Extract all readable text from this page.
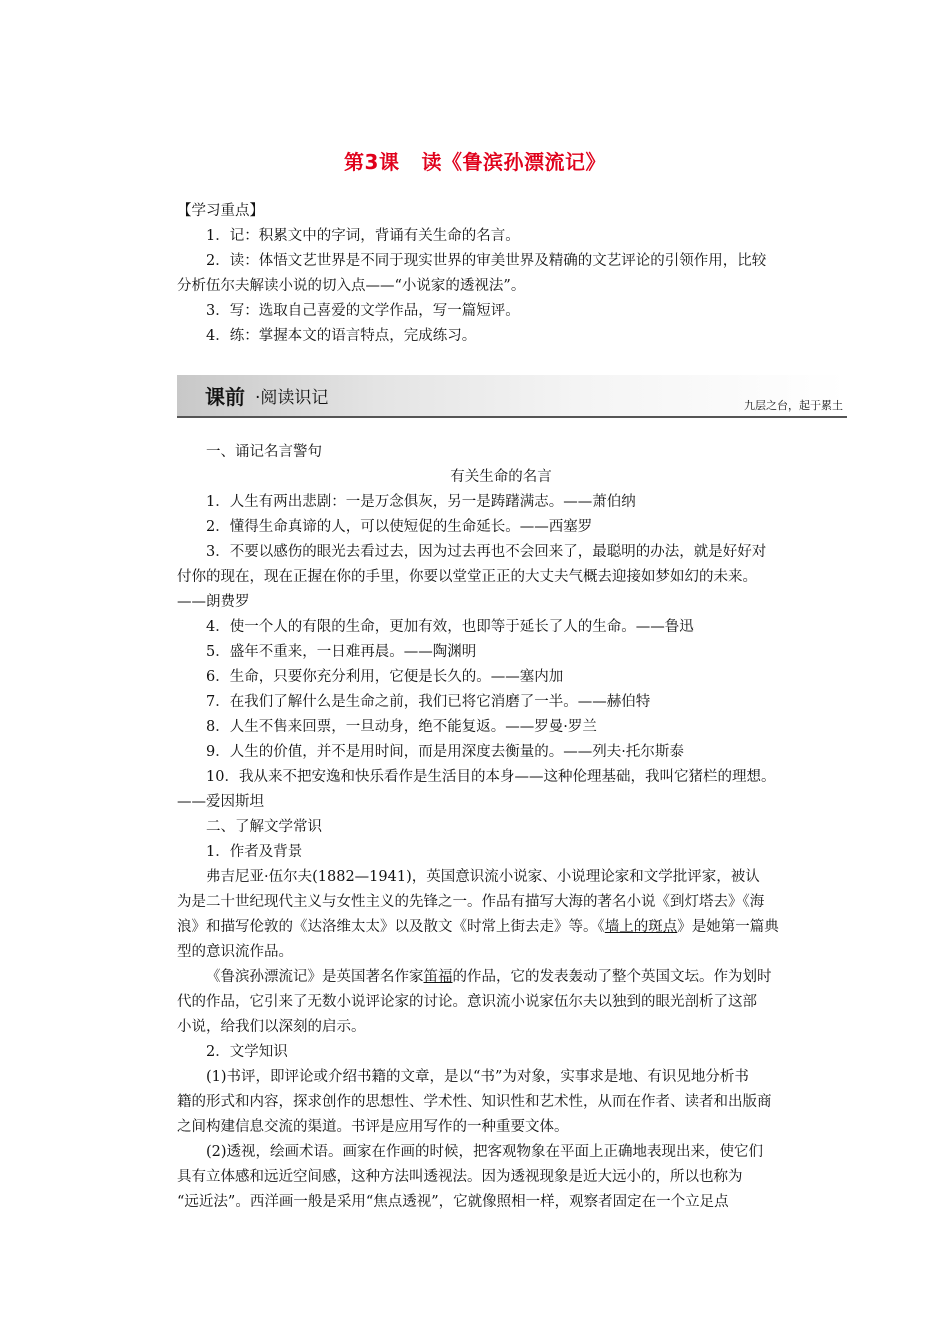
第3课 读《鲁滨孙漂流记》

【学习重点】

1．记：积累文中的字词，背诵有关生命的名言。

2．读：体悟文艺世界是不同于现实世界的审美世界及精确的文艺评论的引领作用，比较

分析伍尔夫解读小说的切入点——“小说家的透视法”。

3．写：选取自己喜爱的文学作品，写一篇短评。

4．练：掌握本文的语言特点，完成练习。

课前 ·阅读识记	九层之台，起于累土

一、诵记名言警句

有关生命的名言

1．人生有两出悲剧：一是万念俱灰，另一是踌躇满志。——萧伯纳

2．懂得生命真谛的人，可以使短促的生命延长。——西塞罗

3．不要以感伤的眼光去看过去，因为过去再也不会回来了，最聪明的办法，就是好好对

付你的现在，现在正握在你的手里，你要以堂堂正正的大丈夫气概去迎接如梦如幻的未来。

——朗费罗

4．使一个人的有限的生命，更加有效，也即等于延长了人的生命。——鲁迅

5．盛年不重来，一日难再晨。——陶渊明

6．生命，只要你充分利用，它便是长久的。——塞内加

7．在我们了解什么是生命之前，我们已将它消磨了一半。——赫伯特

8．人生不售来回票，一旦动身，绝不能复返。——罗曼·罗兰

9．人生的价值，并不是用时间，而是用深度去衡量的。——列夫·托尔斯泰

10．我从来不把安逸和快乐看作是生活目的本身——这种伦理基础，我叫它猪栏的理想。

——爱因斯坦

二、了解文学常识

1．作者及背景

弗吉尼亚·伍尔夫(1882—1941)，英国意识流小说家、小说理论家和文学批评家，被认

为是二十世纪现代主义与女性主义的先锋之一。作品有描写大海的著名小说《到灯塔去》《海

浪》和描写伦敦的《达洛维太太》以及散文《时常上街去走》等。《墙上的斑点》是她第一篇典

型的意识流作品。

《鲁滨孙漂流记》是英国著名作家笛福的作品，它的发表轰动了整个英国文坛。作为划时

代的作品，它引来了无数小说评论家的讨论。意识流小说家伍尔夫以独到的眼光剖析了这部

小说，给我们以深刻的启示。

2．文学知识

(1)书评，即评论或介绍书籍的文章，是以“书”为对象，实事求是地、有识见地分析书

籍的形式和内容，探求创作的思想性、学术性、知识性和艺术性，从而在作者、读者和出版商

之间构建信息交流的渠道。书评是应用写作的一种重要文体。

(2)透视，绘画术语。画家在作画的时候，把客观物象在平面上正确地表现出来，使它们

具有立体感和远近空间感，这种方法叫透视法。因为透视现象是近大远小的，所以也称为

“远近法”。西洋画一般是采用“焦点透视”，它就像照相一样，观察者固定在一个立足点
